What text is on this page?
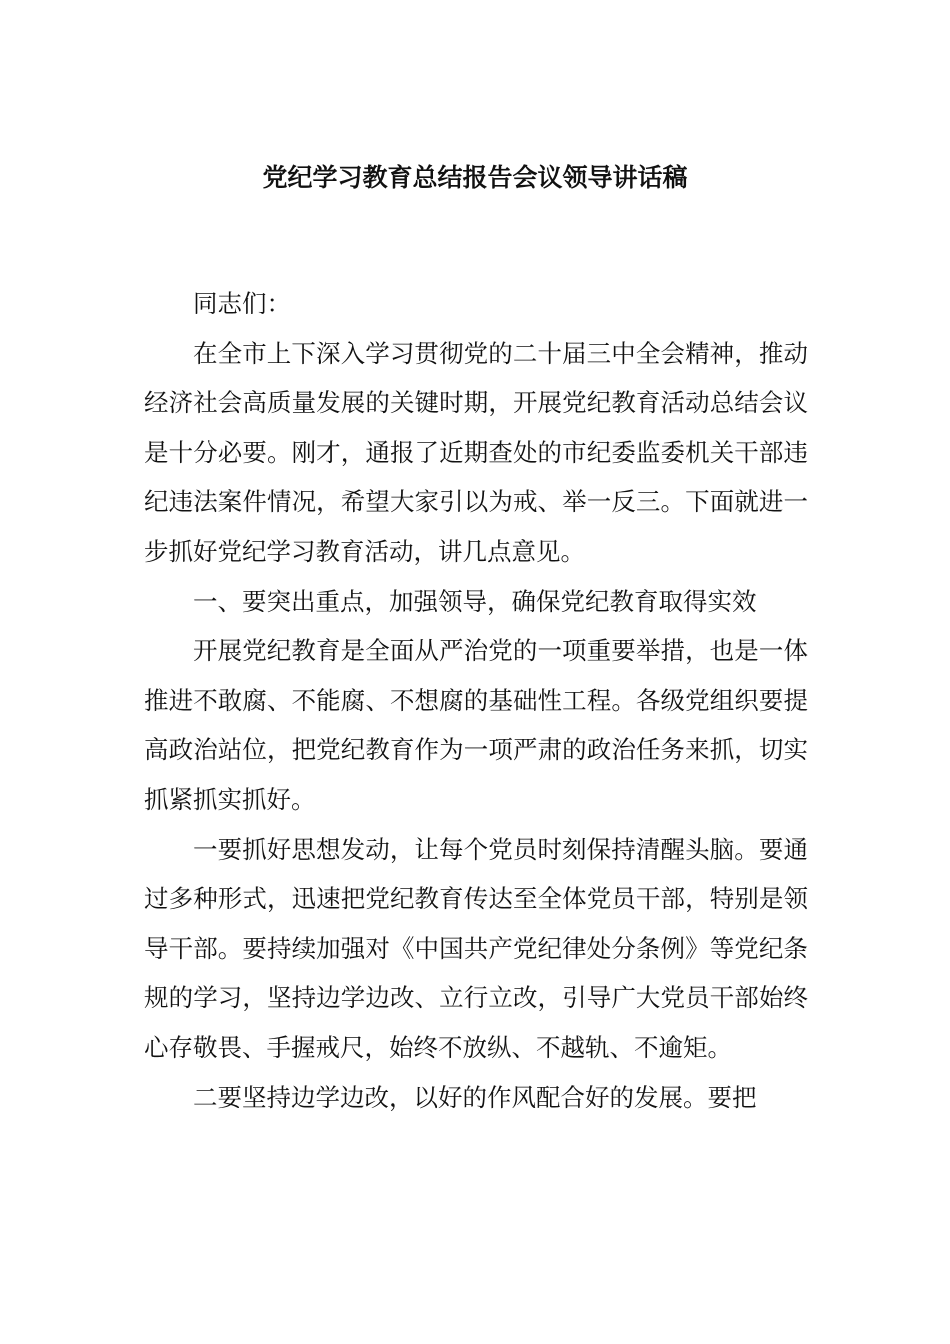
党纪学习教育总结报告会议领导讲话稿

同志们：

在全市上下深入学习贯彻党的二十届三中全会精神，推动经济社会高质量发展的关键时期，开展党纪教育活动总结会议是十分必要。刚才，通报了近期查处的市纪委监委机关干部违纪违法案件情况，希望大家引以为戒、举一反三。下面就进一步抓好党纪学习教育活动，讲几点意见。

一、要突出重点，加强领导，确保党纪教育取得实效

开展党纪教育是全面从严治党的一项重要举措，也是一体推进不敢腐、不能腐、不想腐的基础性工程。各级党组织要提高政治站位，把党纪教育作为一项严肃的政治任务来抓，切实抓紧抓实抓好。

一要抓好思想发动，让每个党员时刻保持清醒头脑。要通过多种形式，迅速把党纪教育传达至全体党员干部，特别是领导干部。要持续加强对《中国共产党纪律处分条例》等党纪条规的学习，坚持边学边改、立行立改，引导广大党员干部始终心存敬畏、手握戒尺，始终不放纵、不越轨、不逾矩。

二要坚持边学边改，以好的作风配合好的发展。要把
